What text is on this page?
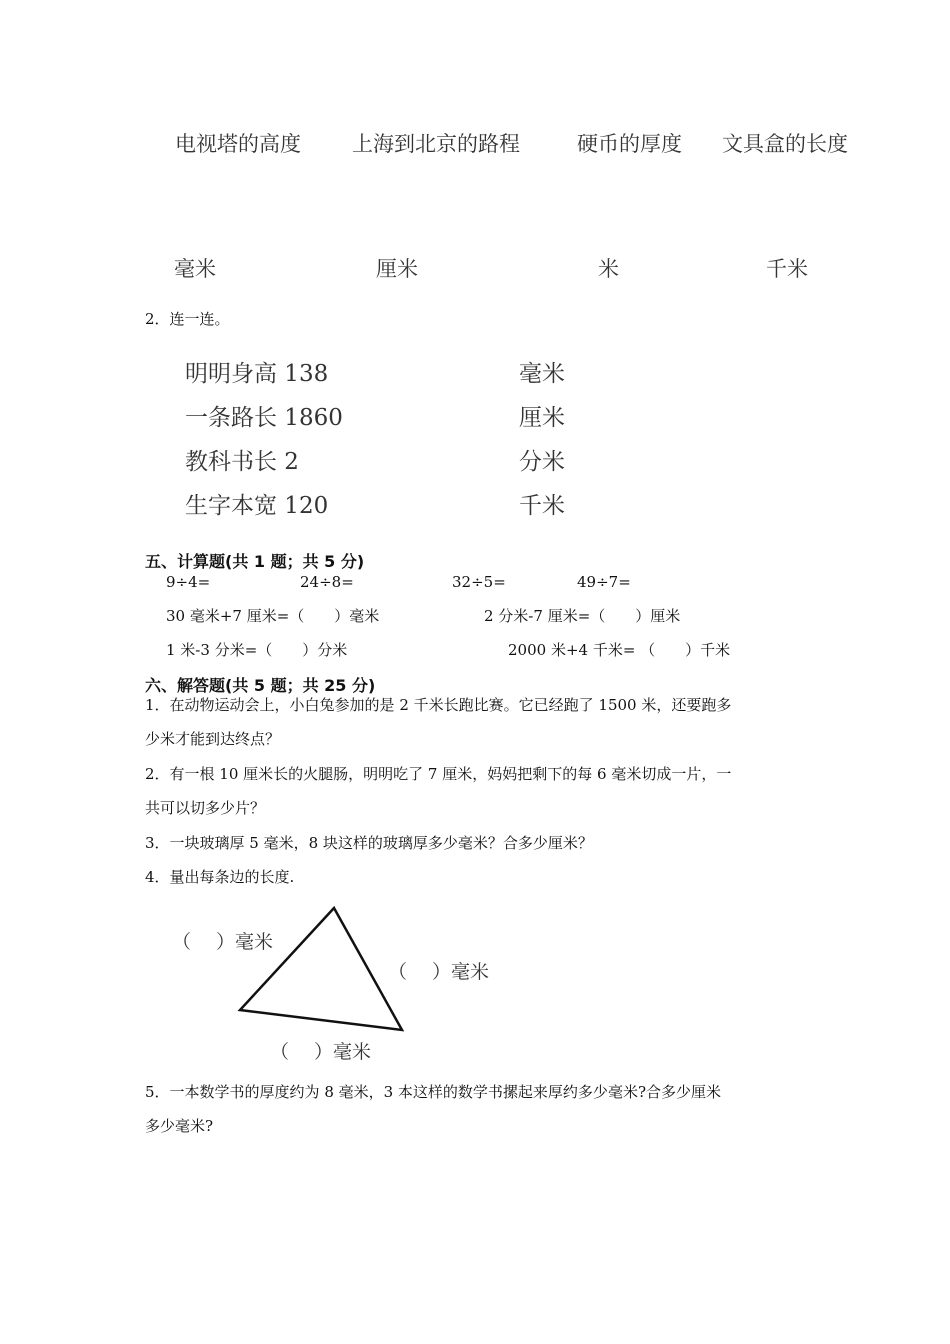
电视塔的高度 上海到北京的路程	硬币的厚度 文具盒的长度
毫米	厘米	米	千米
2．连一连。
明明身高 138
一条路长 1860
教科书长 2
生字本宽 120
毫米
厘米
分米
千米
五、计算题(共 1 题；共 5 分)
9÷4=	24÷8=	32÷5=	49÷7=
30 毫米+7 厘米=（　　）毫米	2 分米-7 厘米=（　　）厘米
1 米-3 分米=（　　）分米	2000 米+4 千米= （　　）千米
六、解答题(共 5 题；共 25 分)
1．在动物运动会上，小白兔参加的是 2 千米长跑比赛。它已经跑了 1500 米，还要跑多
少米才能到达终点？
2．有一根 10 厘米长的火腿肠，明明吃了 7 厘米，妈妈把剩下的每 6 毫米切成一片，一
共可以切多少片？
3．一块玻璃厚 5 毫米，8 块这样的玻璃厚多少毫米？合多少厘米？
4．量出每条边的长度.
（　 ）毫米
（　 ）毫米
（　 ）毫米
5．一本数学书的厚度约为 8 毫米，3 本这样的数学书摞起来厚约多少毫米?合多少厘米
多少毫米?
